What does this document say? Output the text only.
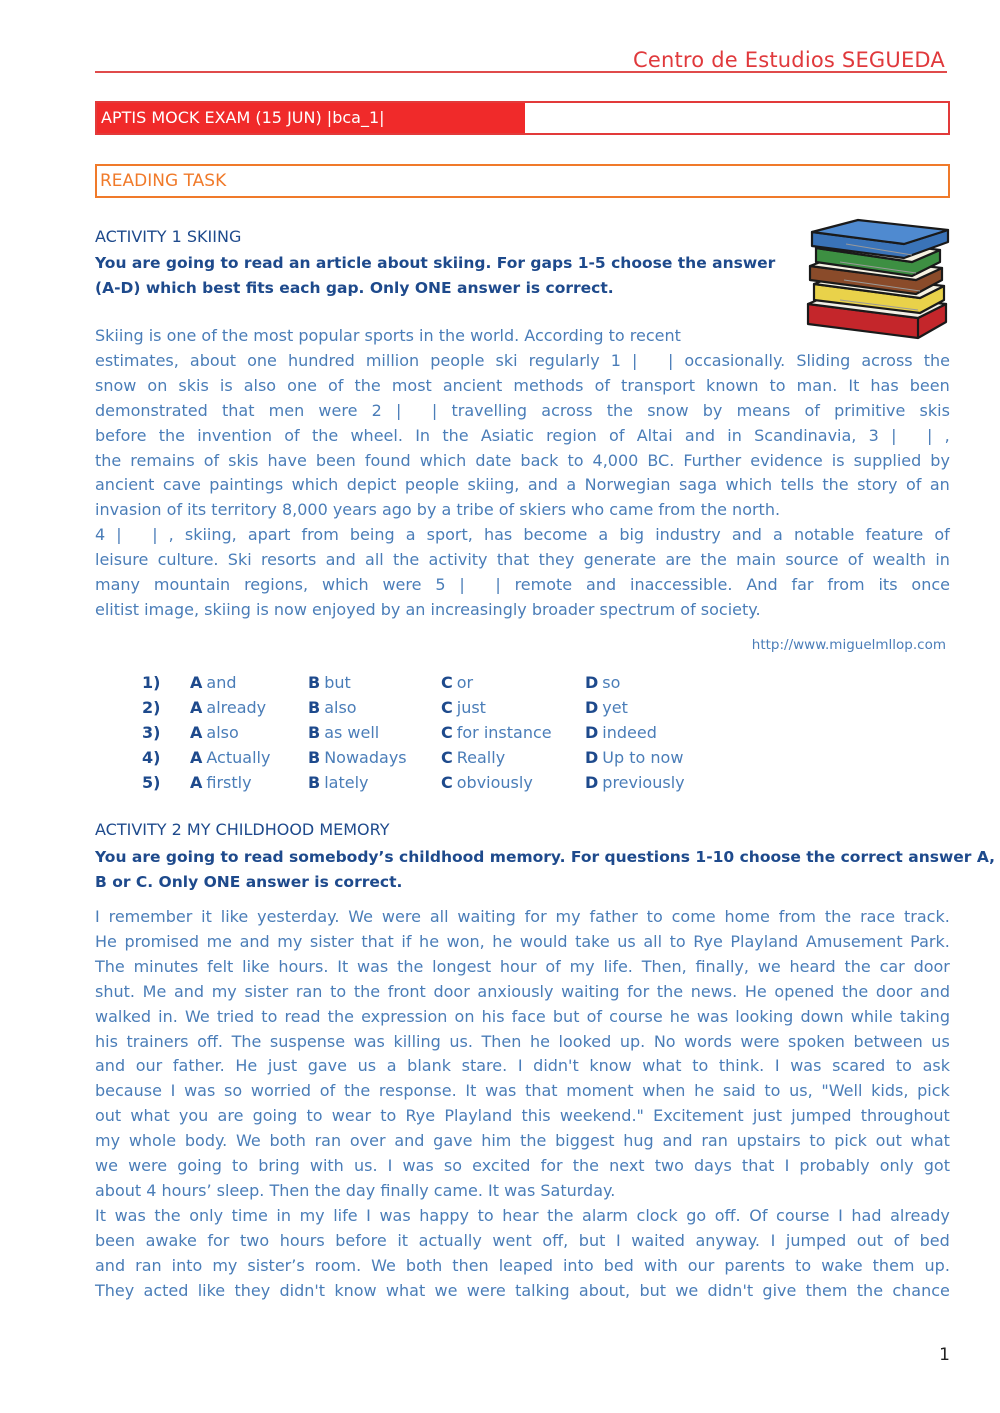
Centro de Estudios SEGUEDA
APTIS MOCK EXAM (15 JUN) |bca_1|
READING TASK
ACTIVITY 1 SKIING
You are going to read an article about skiing. For gaps 1-5 choose the answer
(A-D) which best fits each gap. Only ONE answer is correct.
Skiing is one of the most popular sports in the world. According to recent
estimates, about one hundred million people ski regularly 1 |      | occasionally. Sliding across the
snow on skis is also one of the most ancient methods of transport known to man. It has been
demonstrated that men were 2 |      | travelling across the snow by means of primitive skis
before the invention of the wheel. In the Asiatic region of Altai and in Scandinavia, 3 |      | ,
the remains of skis have been found which date back to 4,000 BC. Further evidence is supplied by
ancient cave paintings which depict people skiing, and a Norwegian saga which tells the story of an
invasion of its territory 8,000 years ago by a tribe of skiers who came from the north.
4 |      | , skiing, apart from being a sport, has become a big industry and a notable feature of
leisure culture. Ski resorts and all the activity that they generate are the main source of wealth in
many mountain regions, which were 5 |      | remote and inaccessible. And far from its once
elitist image, skiing is now enjoyed by an increasingly broader spectrum of society.
http://www.miguelmllop.com
1)	A and	B but	C or	D so
2)	A already	B also	C just	D yet
3)	A also	B as well	C for instance	D indeed
4)	A Actually	B Nowadays	C Really	D Up to now
5)	A firstly	B lately	C obviously	D previously
ACTIVITY 2 MY CHILDHOOD MEMORY
You are going to read somebody’s childhood memory. For questions 1-10 choose the correct answer A,
B or C. Only ONE answer is correct.
I remember it like yesterday. We were all waiting for my father to come home from the race track.
He promised me and my sister that if he won, he would take us all to Rye Playland Amusement Park.
The minutes felt like hours. It was the longest hour of my life. Then, finally, we heard the car door
shut. Me and my sister ran to the front door anxiously waiting for the news. He opened the door and
walked in. We tried to read the expression on his face but of course he was looking down while taking
his trainers off. The suspense was killing us. Then he looked up. No words were spoken between us
and our father. He just gave us a blank stare. I didn't know what to think. I was scared to ask
because I was so worried of the response. It was that moment when he said to us, "Well kids, pick
out what you are going to wear to Rye Playland this weekend." Excitement just jumped throughout
my whole body. We both ran over and gave him the biggest hug and ran upstairs to pick out what
we were going to bring with us. I was so excited for the next two days that I probably only got
about 4 hours’ sleep. Then the day finally came. It was Saturday.
It was the only time in my life I was happy to hear the alarm clock go off. Of course I had already
been awake for two hours before it actually went off, but I waited anyway. I jumped out of bed
and ran into my sister’s room. We both then leaped into bed with our parents to wake them up.
They acted like they didn't know what we were talking about, but we didn't give them the chance
1
